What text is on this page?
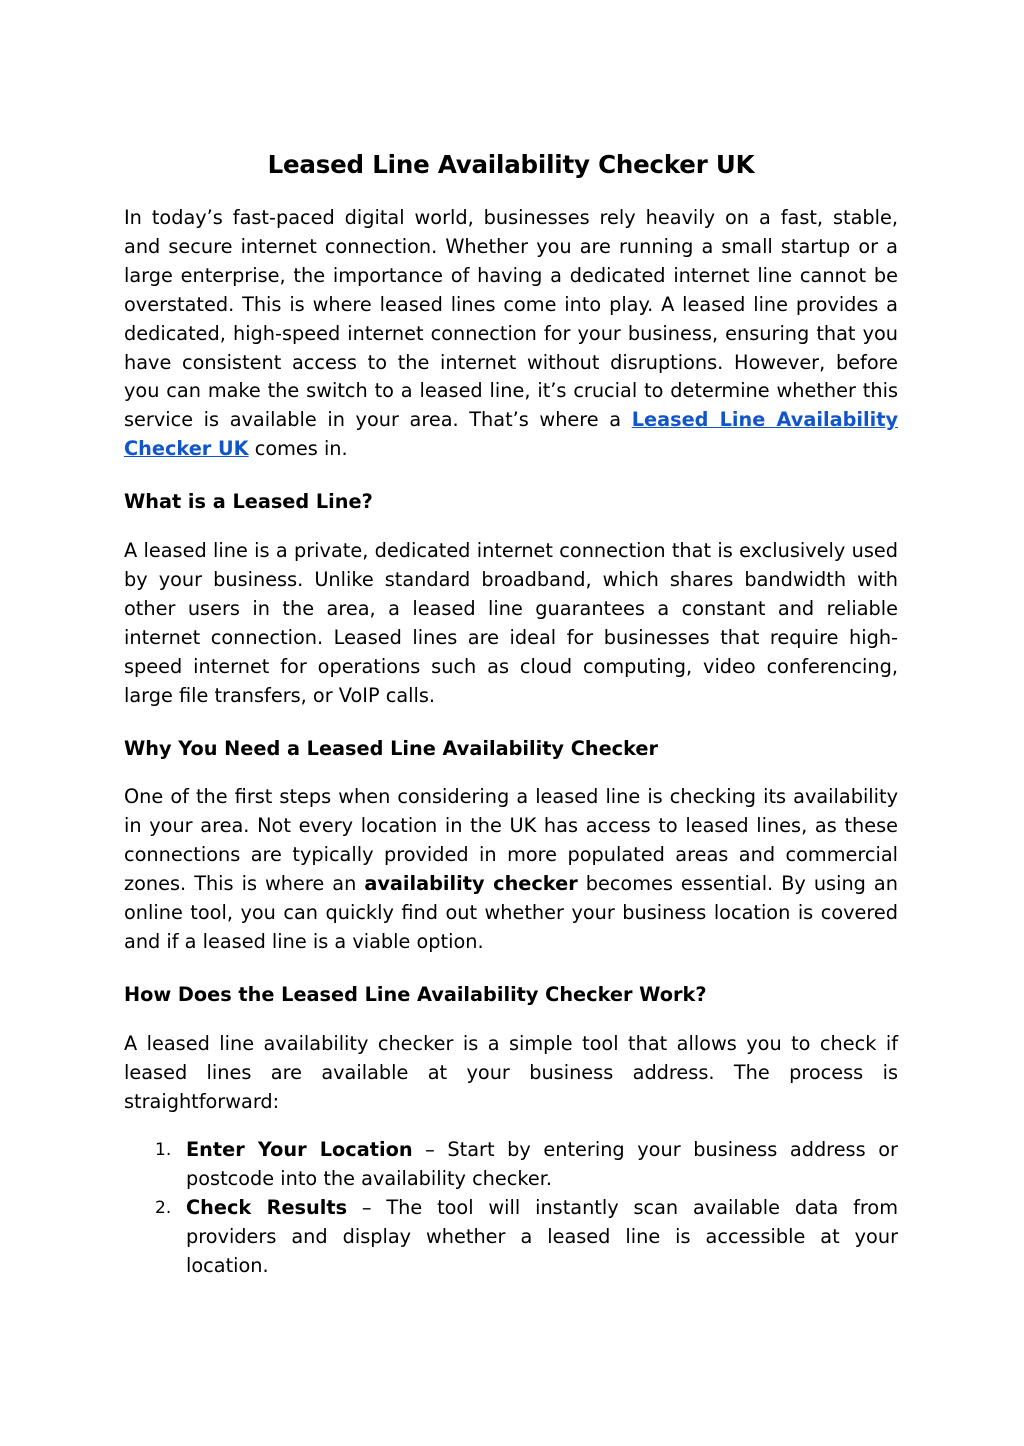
Leased Line Availability Checker UK

In today’s fast-paced digital world, businesses rely heavily on a fast, stable, and secure internet connection. Whether you are running a small startup or a large enterprise, the importance of having a dedicated internet line cannot be overstated. This is where leased lines come into play. A leased line provides a dedicated, high-speed internet connection for your business, ensuring that you have consistent access to the internet without disruptions. However, before you can make the switch to a leased line, it’s crucial to determine whether this service is available in your area. That’s where a Leased Line Availability Checker UK comes in.

What is a Leased Line?

A leased line is a private, dedicated internet connection that is exclusively used by your business. Unlike standard broadband, which shares bandwidth with other users in the area, a leased line guarantees a constant and reliable internet connection. Leased lines are ideal for businesses that require high-speed internet for operations such as cloud computing, video conferencing, large file transfers, or VoIP calls.

Why You Need a Leased Line Availability Checker

One of the first steps when considering a leased line is checking its availability in your area. Not every location in the UK has access to leased lines, as these connections are typically provided in more populated areas and commercial zones. This is where an availability checker becomes essential. By using an online tool, you can quickly find out whether your business location is covered and if a leased line is a viable option.

How Does the Leased Line Availability Checker Work?

A leased line availability checker is a simple tool that allows you to check if leased lines are available at your business address. The process is straightforward:

1. Enter Your Location – Start by entering your business address or postcode into the availability checker.
2. Check Results – The tool will instantly scan available data from providers and display whether a leased line is accessible at your location.
